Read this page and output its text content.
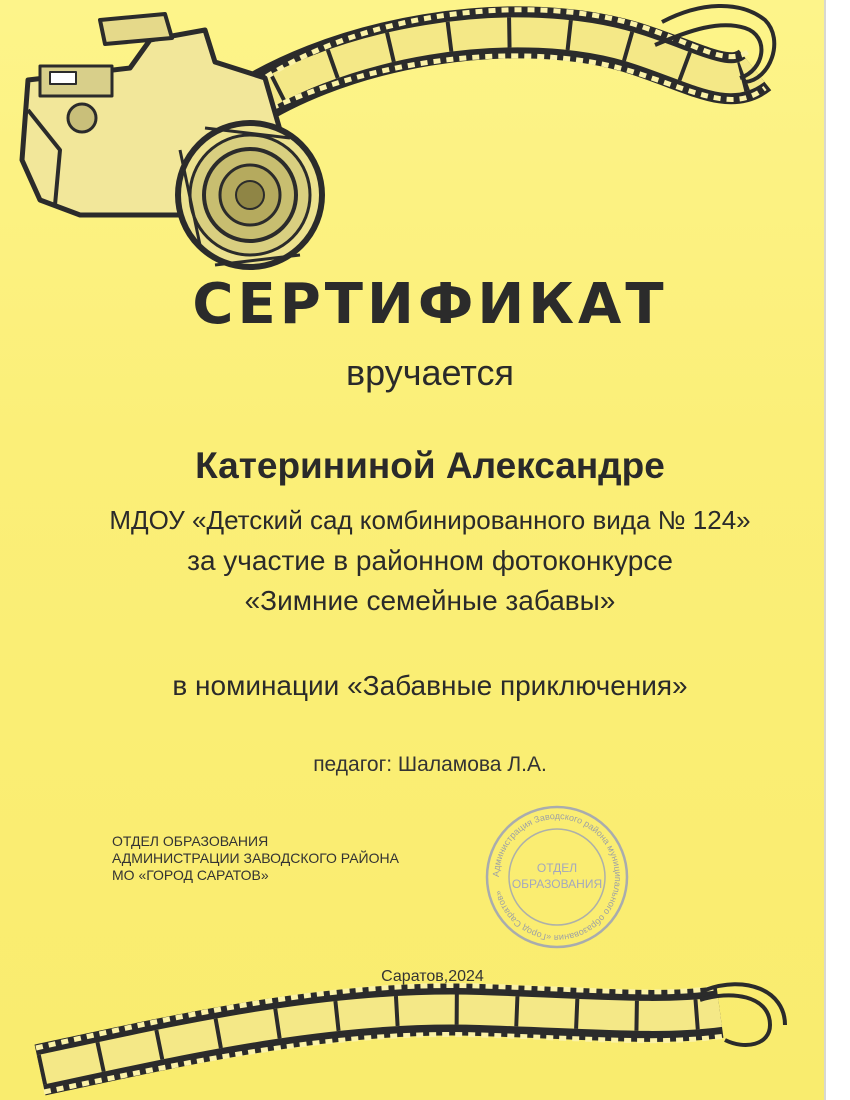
СЕРТИФИКАТ
вручается
Катерининой Александре
МДОУ «Детский сад комбинированного вида № 124»
за участие в районном фотоконкурсе
«Зимние семейные забавы»
в номинации «Забавные приключения»
педагог: Шаламова Л.А.
ОТДЕЛ ОБРАЗОВАНИЯ
АДМИНИСТРАЦИИ ЗАВОДСКОГО РАЙОНА
МО «ГОРОД САРАТОВ»	Администрация Заводского района муниципального образования «Город Саратов»
ОТДЕЛ
ОБРАЗОВАНИЯ
Саратов,2024
